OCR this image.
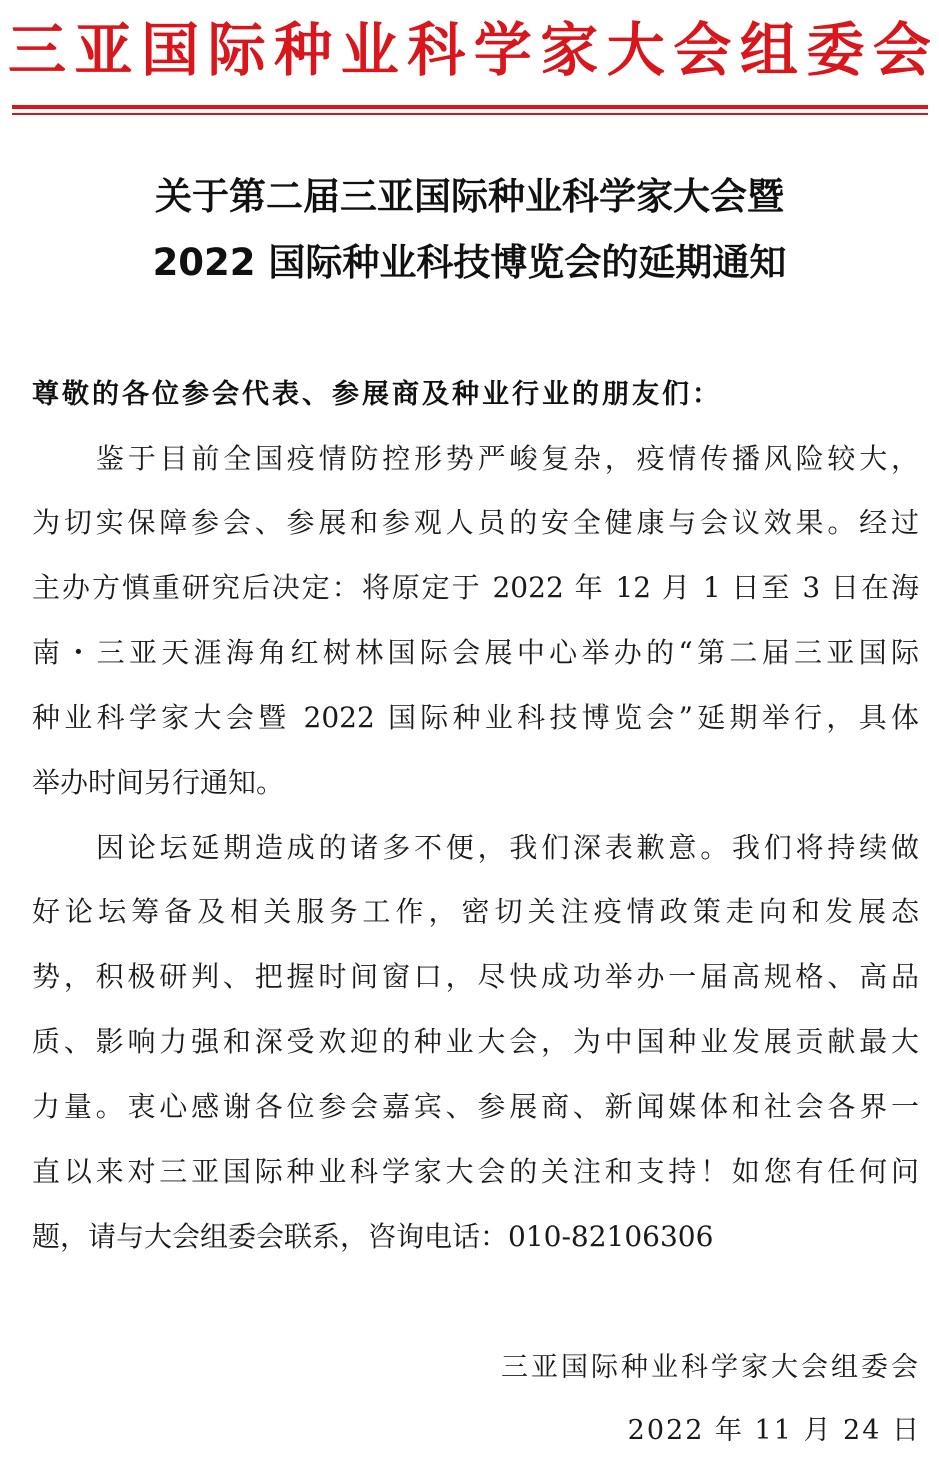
三 亚 国 际 种 业 科 学 家 大 会 组 委 会
关于第二届三亚国际种业科学家大会暨
2022 国际种业科技博览会的延期通知

尊敬的各位参会代表、参展商及种业行业的朋友们：

鉴于目前全国疫情防控形势严峻复杂，疫情传播风险较大，

为切实保障参会、参展和参观人员的安全健康与会议效果。经过

主办方慎重研究后决定：将原定于 2022 年 12 月 1 日至 3 日在海

南・三亚天涯海角红树林国际会展中心举办的“第二届三亚国际

种业科学家大会暨 2022 国际种业科技博览会”延期举行，具体

举办时间另行通知。

因论坛延期造成的诸多不便，我们深表歉意。我们将持续做

好论坛筹备及相关服务工作，密切关注疫情政策走向和发展态

势，积极研判、把握时间窗口，尽快成功举办一届高规格、高品

质、影响力强和深受欢迎的种业大会，为中国种业发展贡献最大

力量。衷心感谢各位参会嘉宾、参展商、新闻媒体和社会各界一

直以来对三亚国际种业科学家大会的关注和支持！如您有任何问

题，请与大会组委会联系，咨询电话：010-82106306

三亚国际种业科学家大会组委会

2022 年 11 月 24 日
